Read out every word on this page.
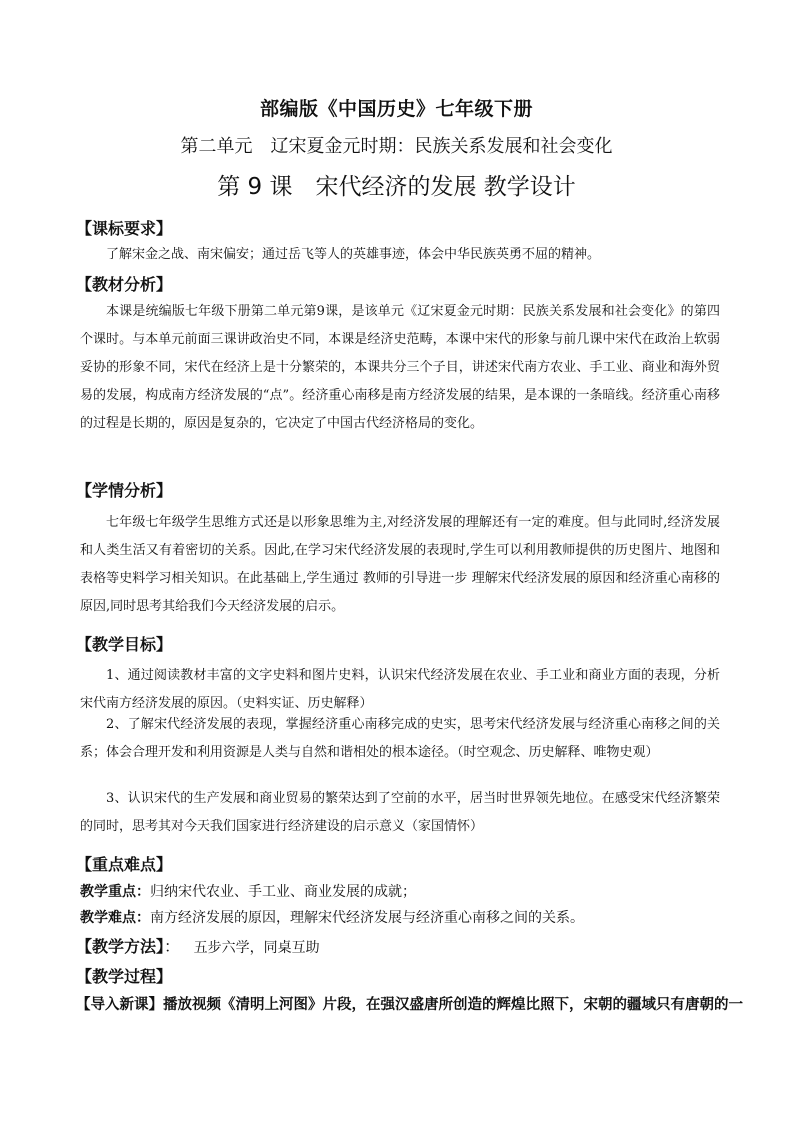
部编版《中国历史》七年级下册
第二单元　辽宋夏金元时期：民族关系发展和社会变化
第 9 课　宋代经济的发展 教学设计
【课标要求】
了解宋金之战、南宋偏安；通过岳飞等人的英雄事迹，体会中华民族英勇不屈的精神。
【教材分析】
本课是统编版七年级下册第二单元第9课，是该单元《辽宋夏金元时期：民族关系发展和社会变化》的第四个课时。与本单元前面三课讲政治史不同，本课是经济史范畴，本课中宋代的形象与前几课中宋代在政治上软弱妥协的形象不同，宋代在经济上是十分繁荣的，本课共分三个子目，讲述宋代南方农业、手工业、商业和海外贸易的发展，构成南方经济发展的“点”。经济重心南移是南方经济发展的结果，是本课的一条暗线。经济重心南移的过程是长期的，原因是复杂的，它决定了中国古代经济格局的变化。
【学情分析】
七年级七年级学生思维方式还是以形象思维为主,对经济发展的理解还有一定的难度。但与此同时,经济发展和人类生活又有着密切的关系。因此,在学习宋代经济发展的表现时,学生可以利用教师提供的历史图片、地图和表格等史料学习相关知识。在此基础上,学生通过 教师的引导进一步 理解宋代经济发展的原因和经济重心南移的原因,同时思考其给我们今天经济发展的启示。
【教学目标】
1、通过阅读教材丰富的文字史料和图片史料，认识宋代经济发展在农业、手工业和商业方面的表现，分析宋代南方经济发展的原因。（史料实证、历史解释）
2、了解宋代经济发展的表现，掌握经济重心南移完成的史实，思考宋代经济发展与经济重心南移之间的关系；体会合理开发和利用资源是人类与自然和谐相处的根本途径。（时空观念、历史解释、唯物史观）
3、认识宋代的生产发展和商业贸易的繁荣达到了空前的水平，居当时世界领先地位。在感受宋代经济繁荣的同时，思考其对今天我们国家进行经济建设的启示意义（家国情怀）
【重点难点】
教学重点：归纳宋代农业、手工业、商业发展的成就；
教学难点：南方经济发展的原因，理解宋代经济发展与经济重心南移之间的关系。
【教学方法】： 五步六学，同桌互助
【教学过程】
【导入新课】播放视频《清明上河图》片段，在强汉盛唐所创造的辉煌比照下，宋朝的疆域只有唐朝的一
